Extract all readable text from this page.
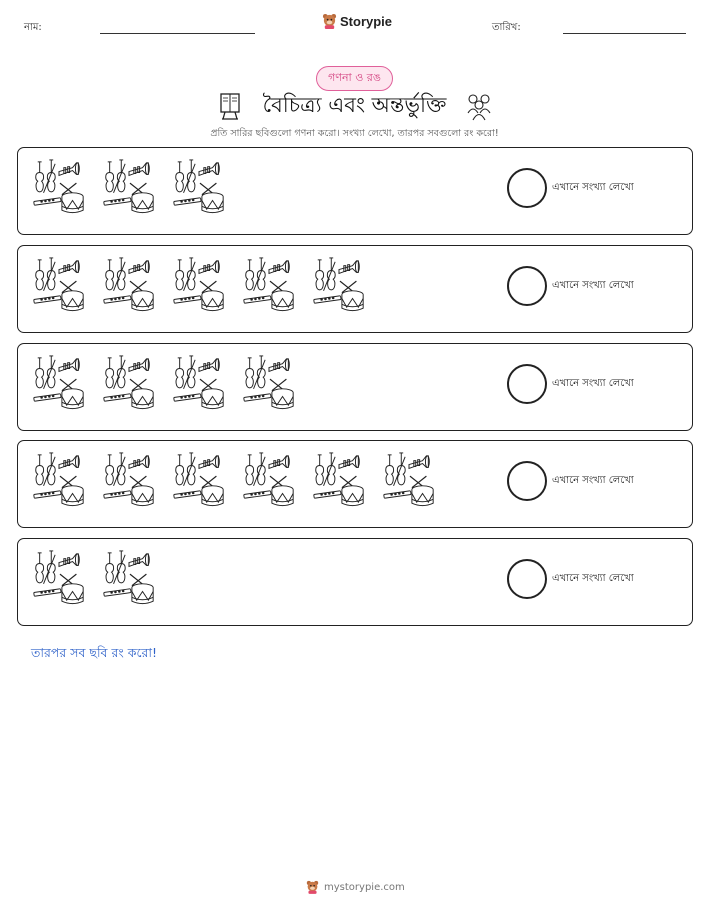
নাম:	Storypie	তারিখ:
গণনা ও রঙ
বৈচিত্র্য এবং অন্তর্ভুক্তি
প্রতি সারির ছবিগুলো গণনা করো। সংখ্যা লেখো, তারপর সবগুলো রং করো!
এখানে সংখ্যা লেখো
এখানে সংখ্যা লেখো
এখানে সংখ্যা লেখো
এখানে সংখ্যা লেখো
এখানে সংখ্যা লেখো
তারপর সব ছবি রং করো!
mystorypie.com
